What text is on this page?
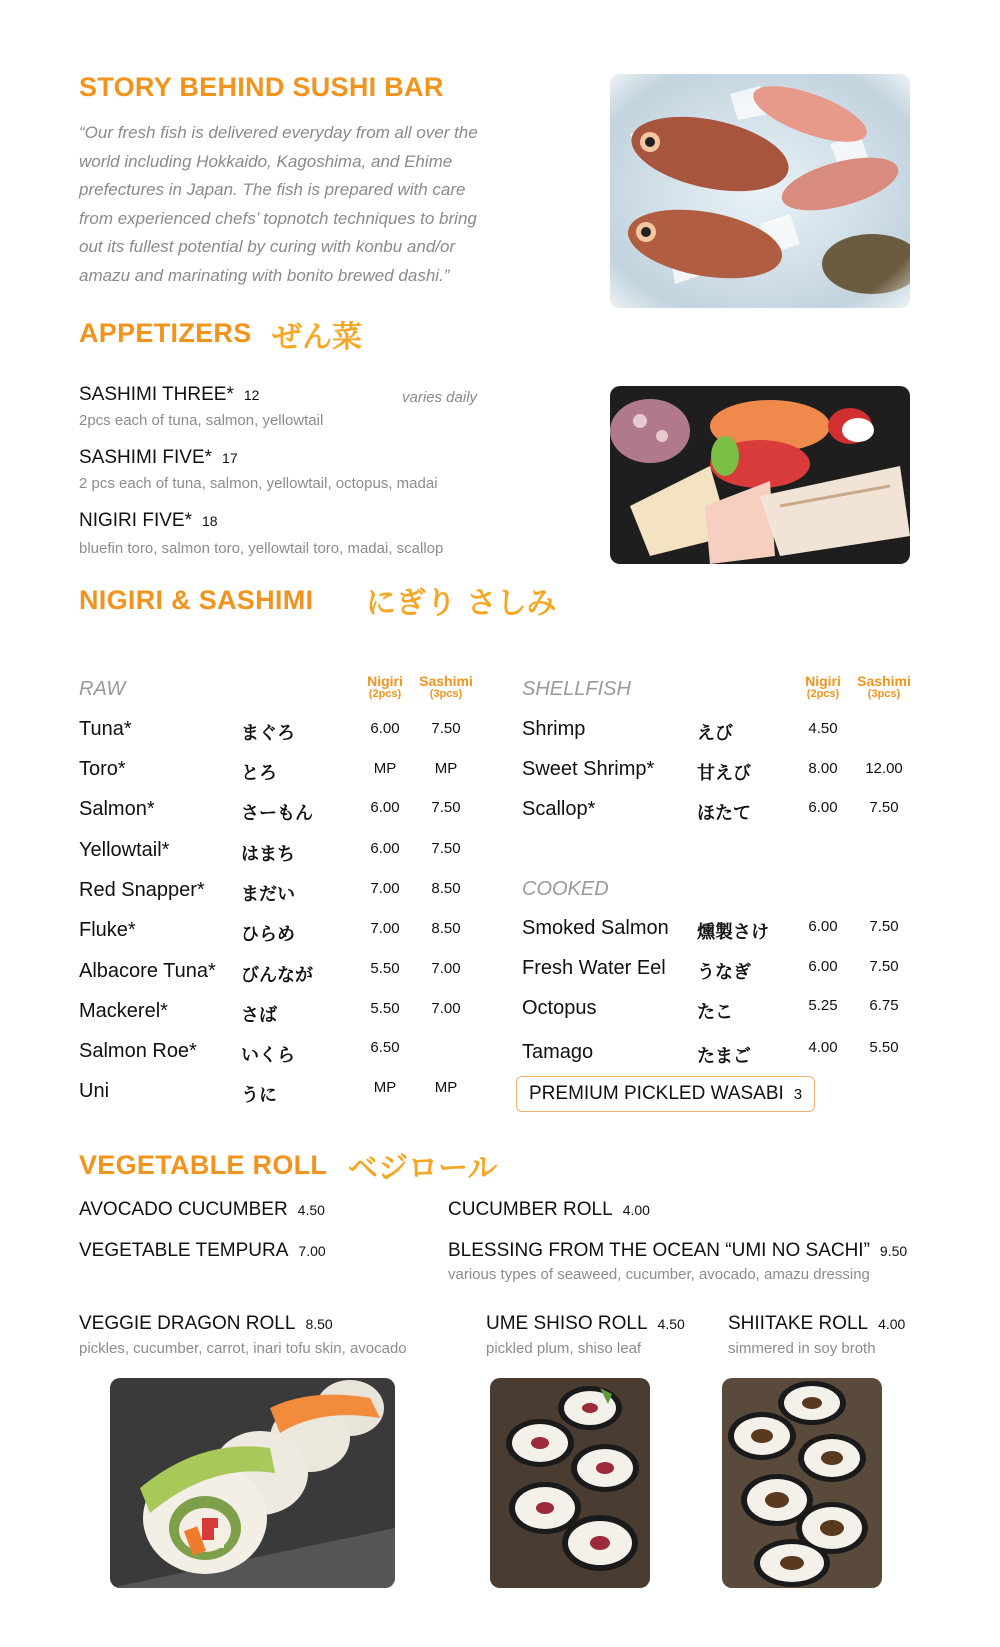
STORY BEHIND SUSHI BAR
“Our fresh fish is delivered everyday from all over the
world including Hokkaido, Kagoshima, and Ehime
prefectures in Japan. The fish is prepared with care
from experienced chefs’ topnotch techniques to bring
out its fullest potential by curing with konbu and/or
amazu and marinating with bonito brewed dashi.”
APPETIZERS ぜん菜
SASHIMI THREE* 12	varies daily
2pcs each of tuna, salmon, yellowtail
SASHIMI FIVE* 17
2 pcs each of tuna, salmon, yellowtail, octopus, madai
NIGIRI FIVE* 18
bluefin toro, salmon toro, yellowtail toro, madai, scallop
NIGIRI & SASHIMI にぎり さしみ
RAW	Nigiri
(2pcs)
Sashimi
(3pcs)	SHELLFISH	Nigiri
(2pcs)
Sashimi
(3pcs)
Tuna*	まぐろ	6.00	7.50
Toro*	とろ	MP	MP
Salmon*	さーもん	6.00	7.50
Yellowtail*	はまち	6.00	7.50
Red Snapper* まだい	7.00	8.50
Fluke*	ひらめ	7.00	8.50
Albacore Tuna* びんなが	5.50	7.00
Mackerel*	さば	5.50	7.00
Salmon Roe* いくら	6.50
Uni	うに	MP	MP
Shrimp	えび	4.50
Sweet Shrimp* 甘えび	8.00	12.00
Scallop*	ほたて	6.00	7.50
COOKED
Smoked Salmon 燻製さけ	6.00	7.50
Fresh Water Eel うなぎ	6.00	7.50
Octopus	たこ	5.25	6.75
Tamago	たまご	4.00	5.50
PREMIUM PICKLED WASABI 3
VEGETABLE ROLL ベジロール
AVOCADO CUCUMBER 4.50	CUCUMBER ROLL 4.00
VEGETABLE TEMPURA 7.00	BLESSING FROM THE OCEAN “UMI NO SACHI” 9.50
various types of seaweed, cucumber, avocado, amazu dressing
VEGGIE DRAGON ROLL 8.50
pickles, cucumber, carrot, inari tofu skin, avocado
UME SHISO ROLL 4.50
pickled plum, shiso leaf
SHIITAKE ROLL 4.00
simmered in soy broth
